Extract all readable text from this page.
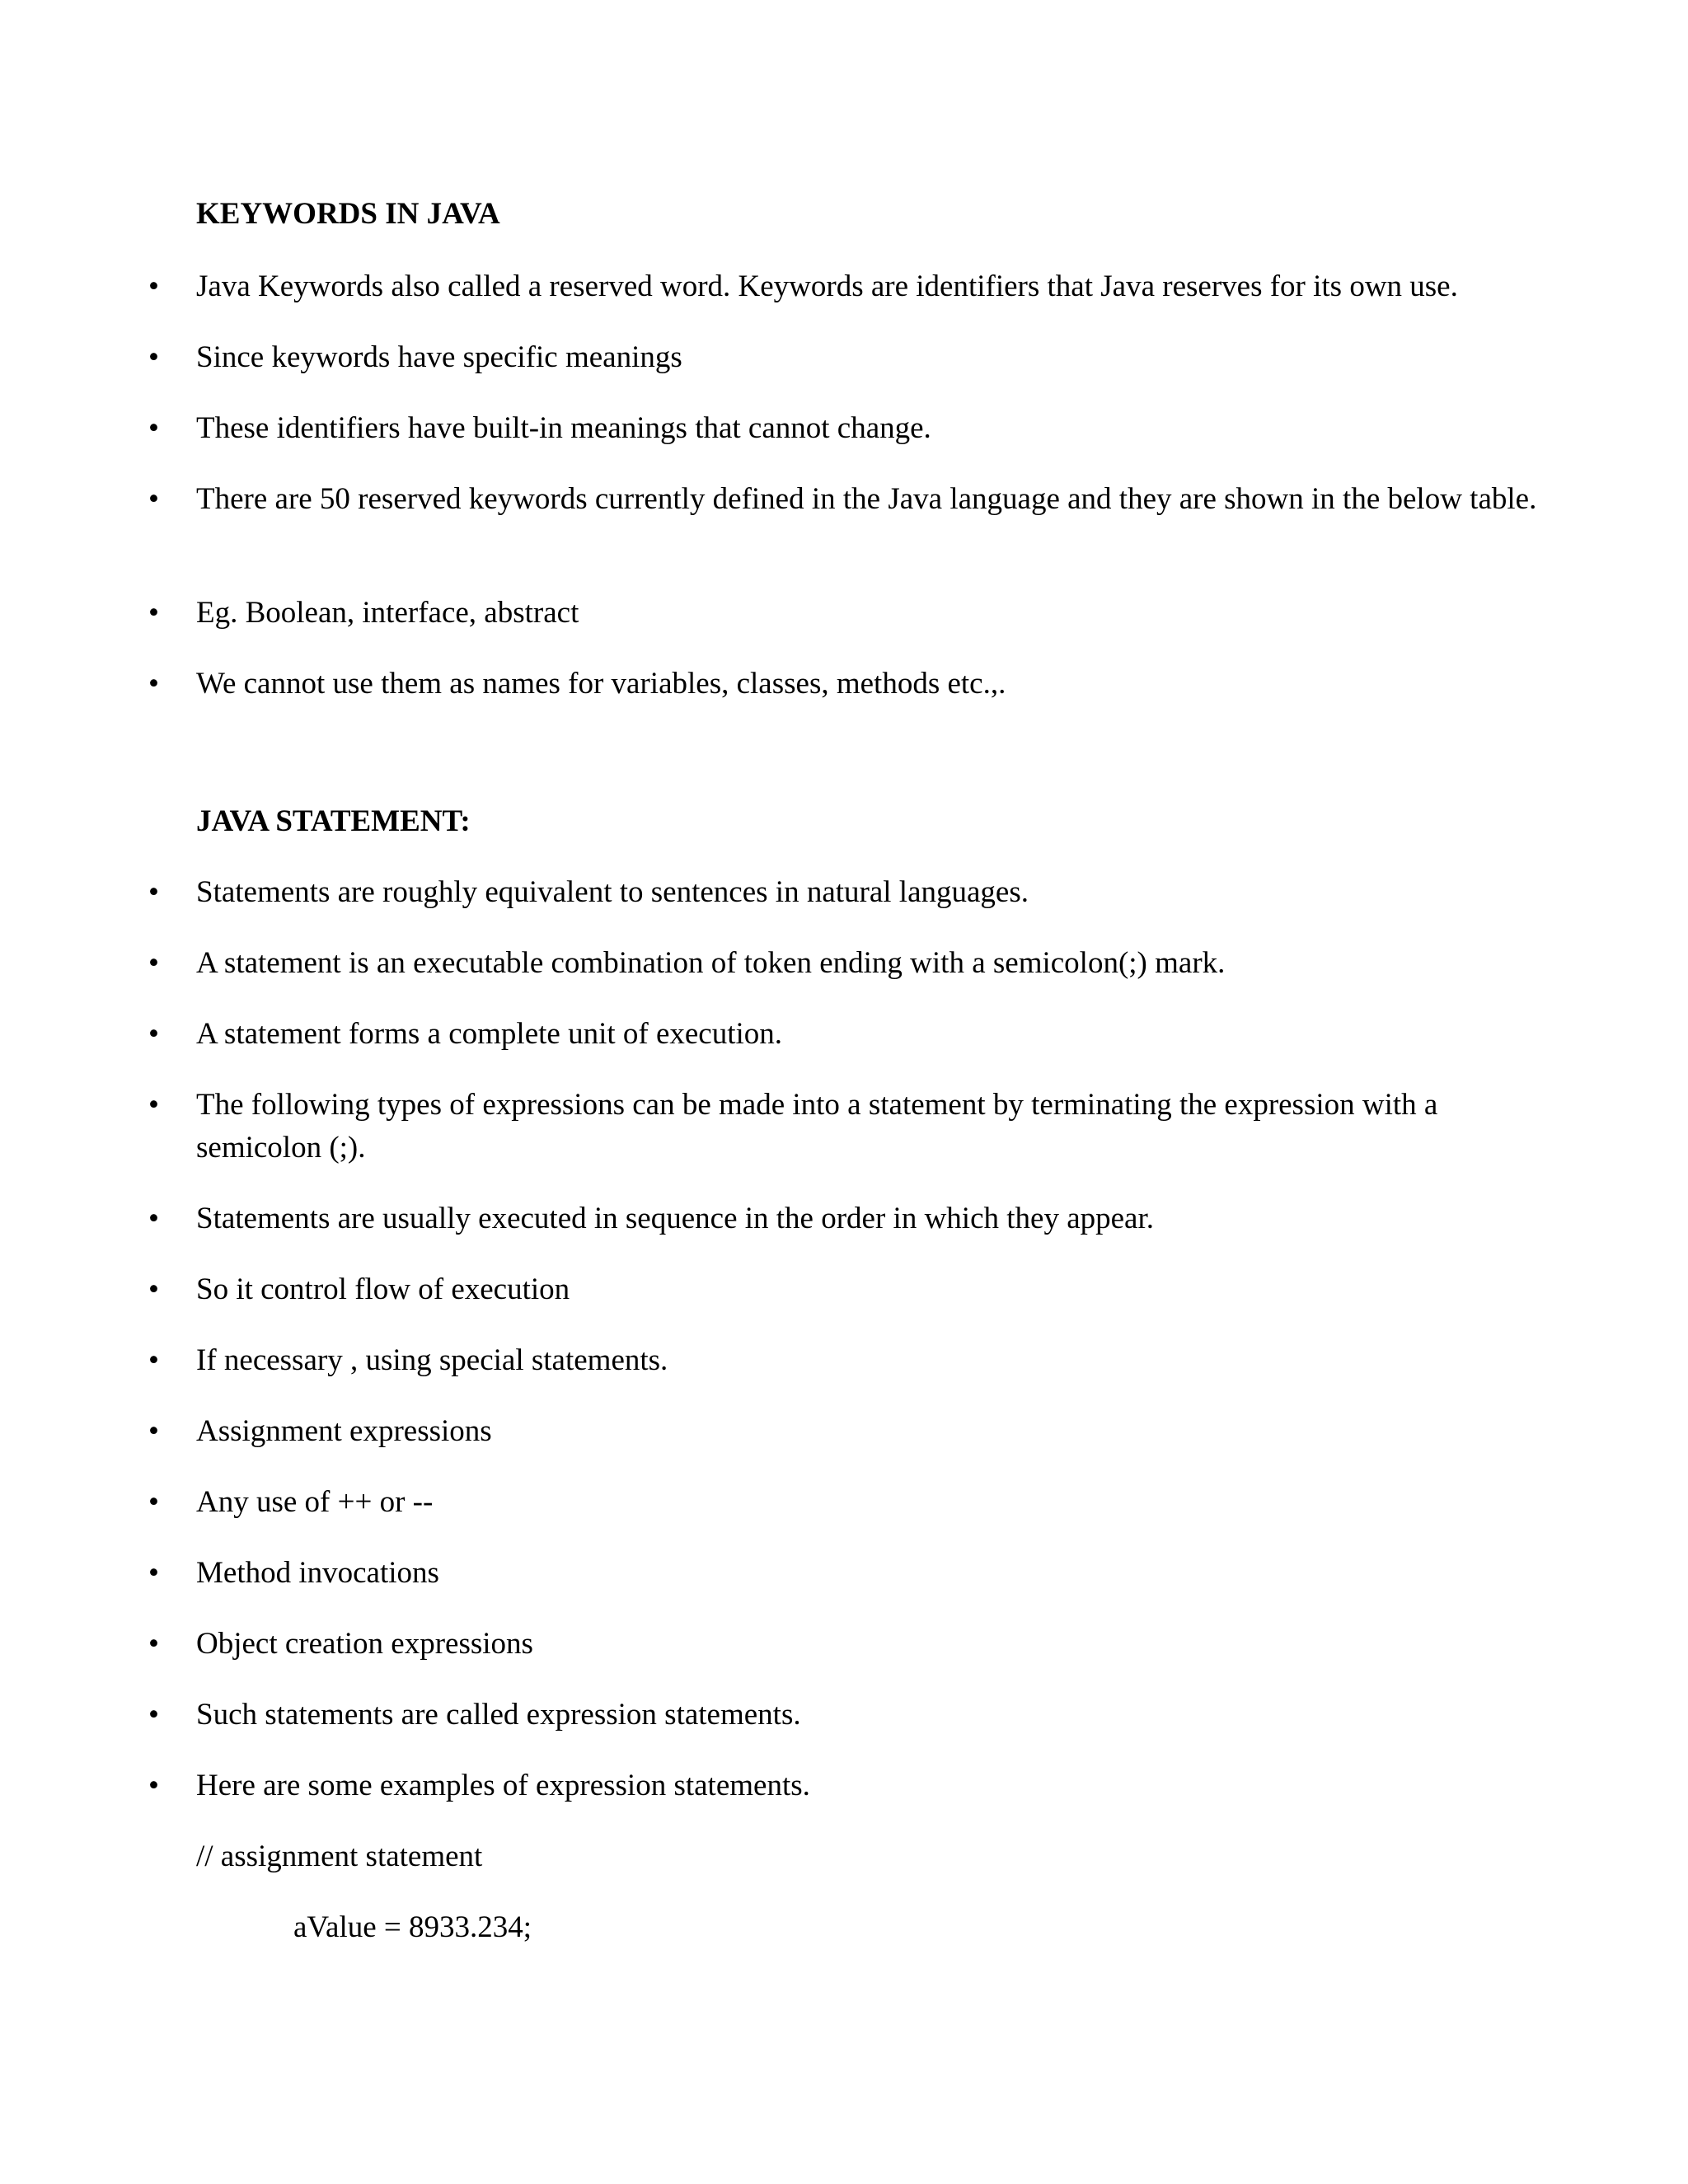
KEYWORDS IN JAVA
• Java Keywords also called a reserved word. Keywords are identifiers that Java reserves for its own use.
• Since keywords have specific meanings
• These identifiers have built-in meanings that cannot change.
• There are 50 reserved keywords currently defined in the Java language and they are shown in the below table.
• Eg. Boolean, interface, abstract
• We cannot use them as names for variables, classes, methods etc.,.
JAVA STATEMENT:
• Statements are roughly equivalent to sentences in natural languages.
• A statement is an executable combination of token ending with a semicolon(;) mark.
• A statement forms a complete unit of execution.
• The following types of expressions can be made into a statement by terminating the expression with a semicolon (;).
• Statements are usually executed in sequence in the order in which they appear.
• So it control flow of execution
• If necessary , using special statements.
• Assignment expressions
• Any use of ++ or --
• Method invocations
• Object creation expressions
• Such statements are called expression statements.
• Here are some examples of expression statements.
// assignment statement
aValue = 8933.234;
